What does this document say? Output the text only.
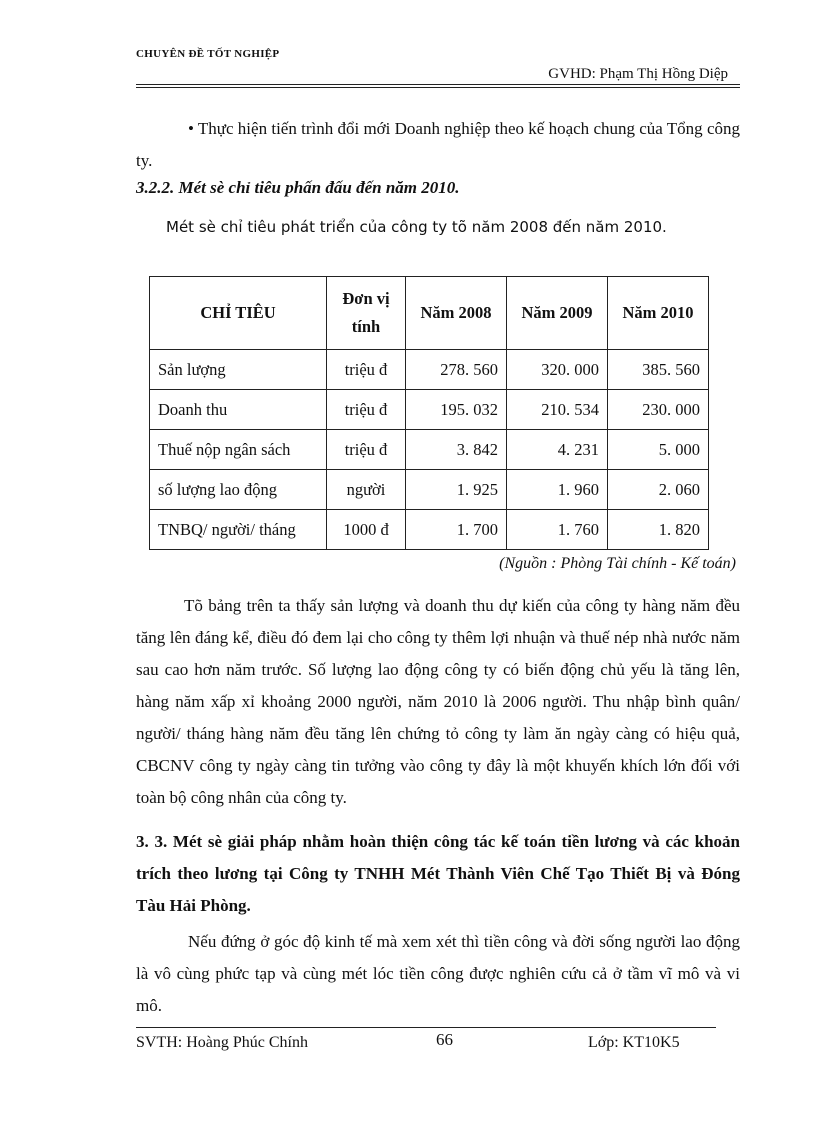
CHUYÊN ĐỀ TỐT NGHIỆP
GVHD: Phạm Thị Hồng Diệp
• Thực hiện tiến trình đổi mới Doanh nghiệp theo kế hoạch chung của Tổng công ty.
3.2.2. Mét sè chỉ tiêu phấn đấu đến năm 2010.
Mét sè chỉ tiêu phát triển của công ty tõ năm 2008 đến năm 2010.
CHỈ TIÊU	Đơn vị tính	Năm 2008	Năm 2009	Năm 2010
Sản lượng	triệu đ	278. 560	320. 000	385. 560
Doanh thu	triệu đ	195. 032	210. 534	230. 000
Thuế nộp ngân sách	triệu đ	3. 842	4. 231	5. 000
số lượng lao động	người	1. 925	1. 960	2. 060
TNBQ/ người/ tháng	1000 đ	1. 700	1. 760	1. 820
(Nguồn : Phòng Tài chính - Kế toán)
Tõ bảng trên ta thấy sản lượng và doanh thu dự kiến của công ty hàng năm đều tăng lên đáng kể, điều đó đem lại cho công ty thêm lợi nhuận và thuế nép nhà nước năm sau cao hơn năm trước. Số lượng lao động công ty có biến động chủ yếu là tăng lên, hàng năm xấp xỉ khoảng 2000 người, năm 2010 là 2006 người. Thu nhập bình quân/ người/ tháng hàng năm đều tăng lên chứng tỏ công ty làm ăn ngày càng có hiệu quả, CBCNV công ty ngày càng tin tưởng vào công ty đây là một khuyến khích lớn đối với toàn bộ công nhân của công ty.
3. 3. Mét sè giải pháp nhằm hoàn thiện công tác kế toán tiền lương và các khoản trích theo lương tại Công ty TNHH Mét Thành Viên Chế Tạo Thiết Bị và Đóng Tàu Hải Phòng.
Nếu đứng ở góc độ kinh tế mà xem xét thì tiền công và đời sống người lao động là vô cùng phức tạp và cùng mét lóc tiền công được nghiên cứu cả ở tầm vĩ mô và vi mô.
SVTH: Hoàng Phúc Chính	66	Lớp: KT10K5
